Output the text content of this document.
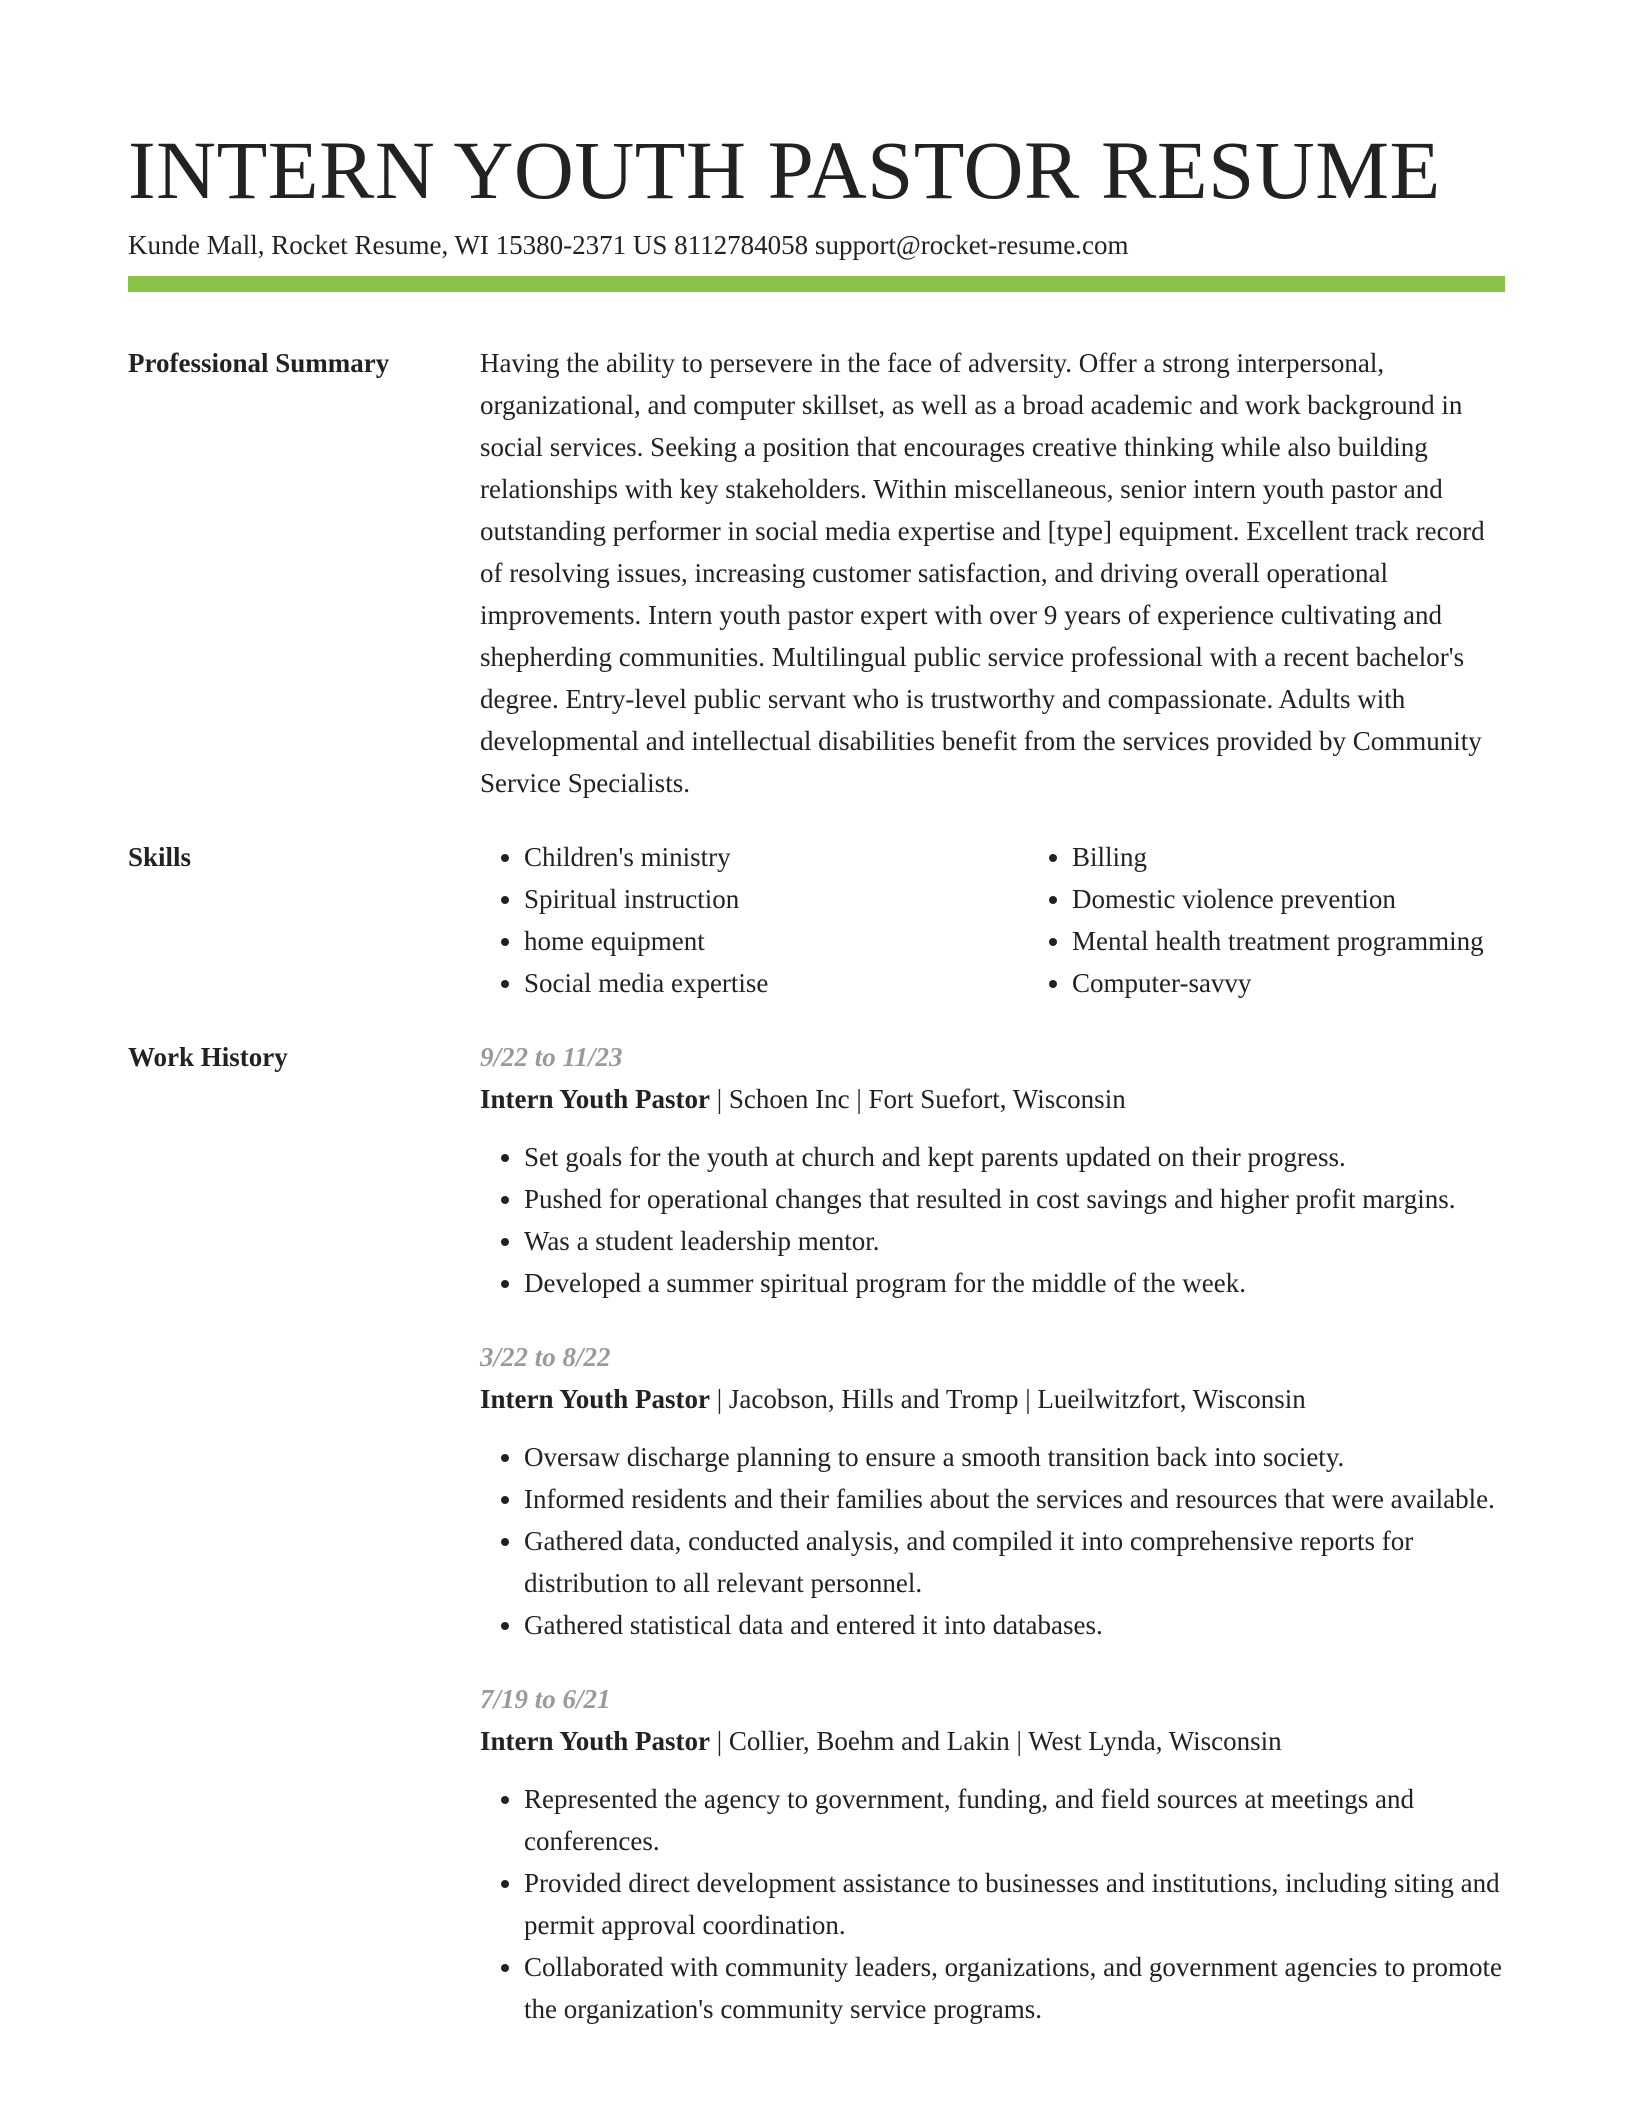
INTERN YOUTH PASTOR RESUME
Kunde Mall, Rocket Resume, WI 15380-2371 US 8112784058 support@rocket-resume.com
Professional Summary	Having the ability to persevere in the face of adversity. Offer a strong interpersonal, organizational, and computer skillset, as well as a broad academic and work background in social services. Seeking a position that encourages creative thinking while also building relationships with key stakeholders. Within miscellaneous, senior intern youth pastor and outstanding performer in social media expertise and [type] equipment. Excellent track record of resolving issues, increasing customer satisfaction, and driving overall operational improvements. Intern youth pastor expert with over 9 years of experience cultivating and shepherding communities. Multilingual public service professional with a recent bachelor's degree. Entry-level public servant who is trustworthy and compassionate. Adults with developmental and intellectual disabilities benefit from the services provided by Community Service Specialists.

Skills
•	Children's ministry
• Spiritual instruction
• home equipment
• Social media expertise
• Billing
• Domestic violence prevention
• Mental health treatment programming
• Computer-savvy
Work History	9/22 to 11/23
Intern Youth Pastor | Schoen Inc | Fort Suefort, Wisconsin
• Set goals for the youth at church and kept parents updated on their progress.
• Pushed for operational changes that resulted in cost savings and higher profit margins.
• Was a student leadership mentor.
• Developed a summer spiritual program for the middle of the week.
3/22 to 8/22
Intern Youth Pastor | Jacobson, Hills and Tromp | Lueilwitzfort, Wisconsin
• Oversaw discharge planning to ensure a smooth transition back into society.
• Informed residents and their families about the services and resources that were available.
• Gathered data, conducted analysis, and compiled it into comprehensive reports for distribution to all relevant personnel.
• Gathered statistical data and entered it into databases.
7/19 to 6/21
Intern Youth Pastor | Collier, Boehm and Lakin | West Lynda, Wisconsin
• Represented the agency to government, funding, and field sources at meetings and conferences.
• Provided direct development assistance to businesses and institutions, including siting and permit approval coordination.
• Collaborated with community leaders, organizations, and government agencies to promote the organization's community service programs.
